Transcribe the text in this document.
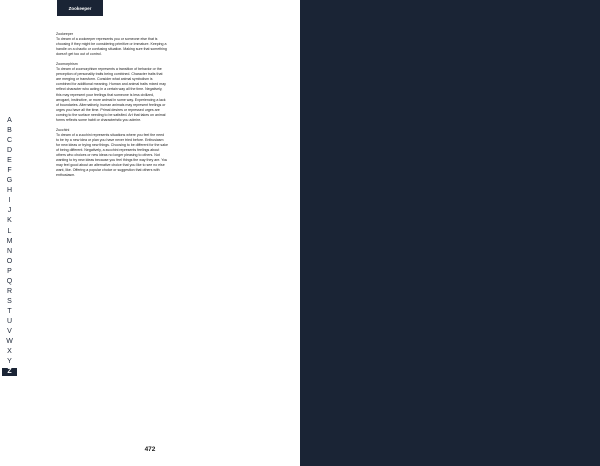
Zookeeper
Zookeeper
To dream of a zookeeper represents you or someone else that is choosing if they might be considering primitive or immature. Keeping a handle on a chaotic or confusing situation. Making sure that something doesn't get too out of control.
Zoomorphism
To dream of zoomorphism represents a transition of behavior or the perception of personality traits being combined. Character traits that are merging or transform. Consider what animal symbolism is combined for additional meaning. Human and animal traits mixed may reflect character who acting in a certain way all the time. Negatively, this may represent your feelings that someone is less civilized, arrogant, instinctive, or more animal in some way. Experiencing a lack of boundaries. Alternatively, human animals may represent feelings or urges you have all the time. Primal desires or repressed urges are coming to the surface needing to be satisfied. Art that takes on animal forms reflects some habit or characteristic you admire.
Zucchini
To dream of a zucchini represents situations where you feel the need to be try a new idea or plan you have never tried before. Enthusiasm for new ideas or trying new things. Choosing to be different for the sake of being different. Negatively, a zucchini represents feelings about others who choices or new ideas no longer pleasing to others. Not wanting to try new ideas because you feel things the way they are. You may feel good about an alternative choice that you like to see no else want, like. Offering a popular choice or suggestion that others with enthusiasm.
A
B
C
D
E
F
G
H
I
J
K
L
M
N
O
P
Q
R
S
T
U
V
W
X
Y
Z
472
